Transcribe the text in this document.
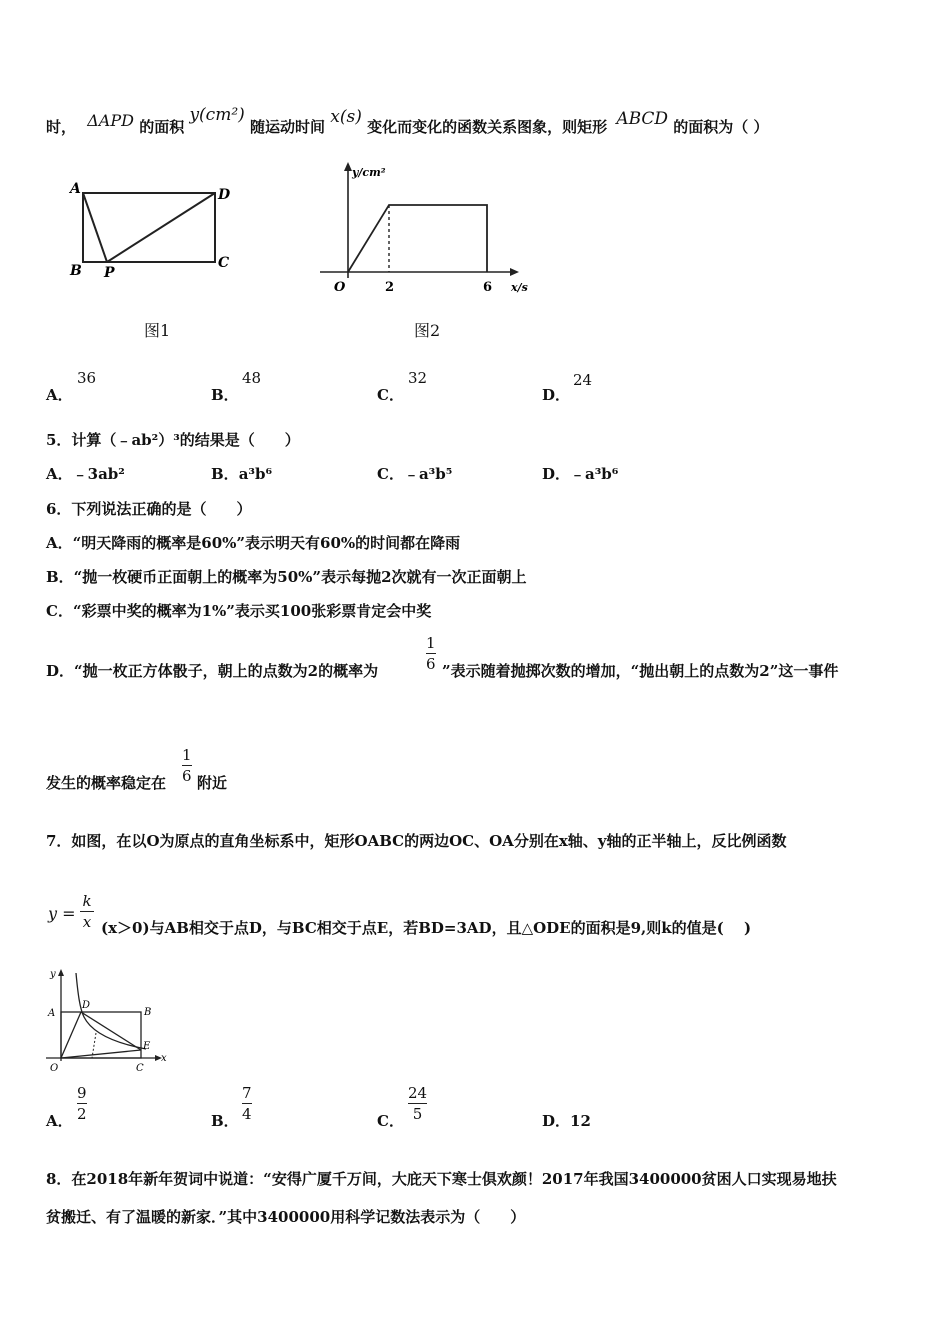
时， ΔAPD 的面积 y(cm²) 随运动时间 x(s) 变化而变化的函数关系图象，则矩形 ABCD 的面积为（ ）
A	D
B P
C
图1
y/cm²
x/s
O	2	6
图2
A．
36
B．
48
C．
32
D．
24
5．计算（﹣ab²）³的结果是（　　）
A．﹣3ab²	B．a³b⁶	C．﹣a³b⁵	D．﹣a³b⁶
6．下列说法正确的是（　　）
A．“明天降雨的概率是60%”表示明天有60%的时间都在降雨
B．“抛一枚硬币正面朝上的概率为50%”表示每抛2次就有一次正面朝上
C．“彩票中奖的概率为1%”表示买100张彩票肯定会中奖
D．“抛一枚正方体骰子，朝上的点数为2的概率为
1
6 ”表示随着抛掷次数的增加，“抛出朝上的点数为2”这一事件
发生的概率稳定在
1
6 附近
7．如图，在以O为原点的直角坐标系中，矩形OABC的两边OC、OA分别在x轴、y轴的正半轴上，反比例函数
y =
k
x (x＞0)与AB相交于点D，与BC相交于点E，若BD=3AD，且△ODE的面积是9,则k的值是(　 )
y
x
A
D
B
E
O	C
A．
9
2	B．
7
4	C．
24
5	D．12
8．在2018年新年贺词中说道：“安得广厦千万间，大庇天下寒士俱欢颜！2017年我国3400000贫困人口实现易地扶
贫搬迁、有了温暖的新家．”其中3400000用科学记数法表示为（　　）
